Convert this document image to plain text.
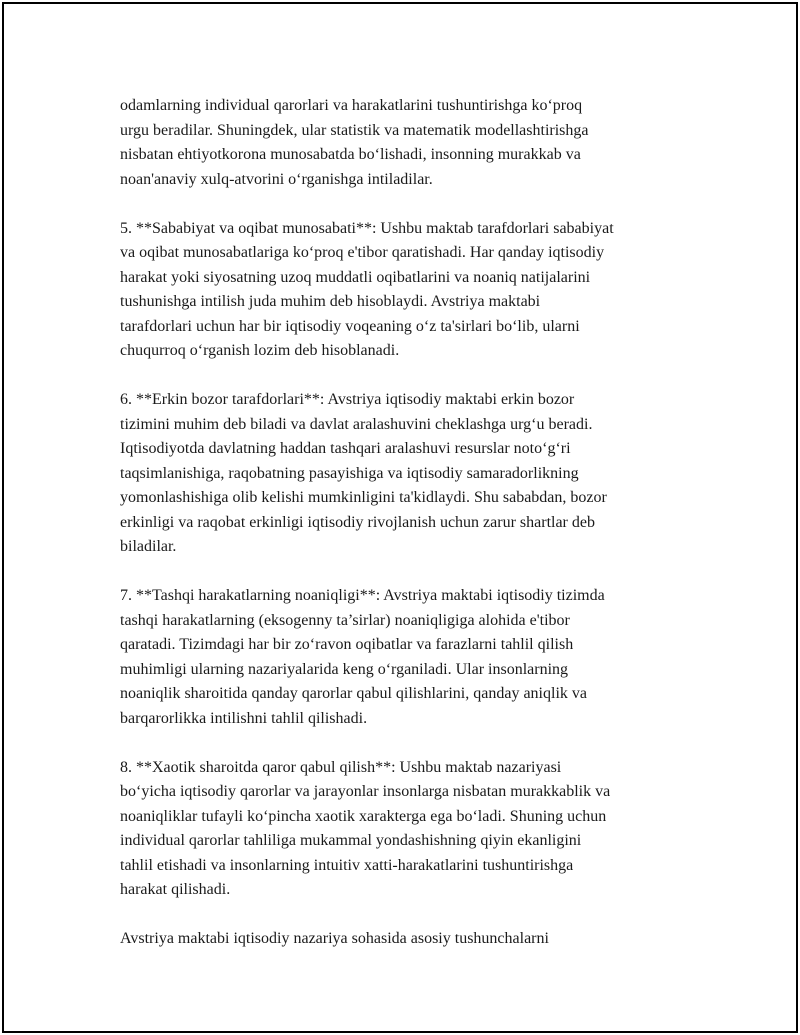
odamlarning individual qarorlari va harakatlarini tushuntirishga ko‘proq
urgu beradilar. Shuningdek, ular statistik va matematik modellashtirishga
nisbatan ehtiyotkorona munosabatda bo‘lishadi, insonning murakkab va
noan'anaviy xulq-atvorini o‘rganishga intiladilar.

5. **Sababiyat va oqibat munosabati**: Ushbu maktab tarafdorlari sababiyat
va oqibat munosabatlariga ko‘proq e'tibor qaratishadi. Har qanday iqtisodiy
harakat yoki siyosatning uzoq muddatli oqibatlarini va noaniq natijalarini
tushunishga intilish juda muhim deb hisoblaydi. Avstriya maktabi
tarafdorlari uchun har bir iqtisodiy voqeaning o‘z ta'sirlari bo‘lib, ularni
chuqurroq o‘rganish lozim deb hisoblanadi.

6. **Erkin bozor tarafdorlari**: Avstriya iqtisodiy maktabi erkin bozor
tizimini muhim deb biladi va davlat aralashuvini cheklashga urg‘u beradi.
Iqtisodiyotda davlatning haddan tashqari aralashuvi resurslar noto‘g‘ri
taqsimlanishiga, raqobatning pasayishiga va iqtisodiy samaradorlikning
yomonlashishiga olib kelishi mumkinligini ta'kidlaydi. Shu sababdan, bozor
erkinligi va raqobat erkinligi iqtisodiy rivojlanish uchun zarur shartlar deb
biladilar.

7. **Tashqi harakatlarning noaniqligi**: Avstriya maktabi iqtisodiy tizimda
tashqi harakatlarning (eksogenny ta’sirlar) noaniqligiga alohida e'tibor
qaratadi. Tizimdagi har bir zo‘ravon oqibatlar va farazlarni tahlil qilish
muhimligi ularning nazariyalarida keng o‘rganiladi. Ular insonlarning
noaniqlik sharoitida qanday qarorlar qabul qilishlarini, qanday aniqlik va
barqarorlikka intilishni tahlil qilishadi.

8. **Xaotik sharoitda qaror qabul qilish**: Ushbu maktab nazariyasi
bo‘yicha iqtisodiy qarorlar va jarayonlar insonlarga nisbatan murakkablik va
noaniqliklar tufayli ko‘pincha xaotik xarakterga ega bo‘ladi. Shuning uchun
individual qarorlar tahliliga mukammal yondashishning qiyin ekanligini
tahlil etishadi va insonlarning intuitiv xatti-harakatlarini tushuntirishga
harakat qilishadi.

Avstriya maktabi iqtisodiy nazariya sohasida asosiy tushunchalarni
